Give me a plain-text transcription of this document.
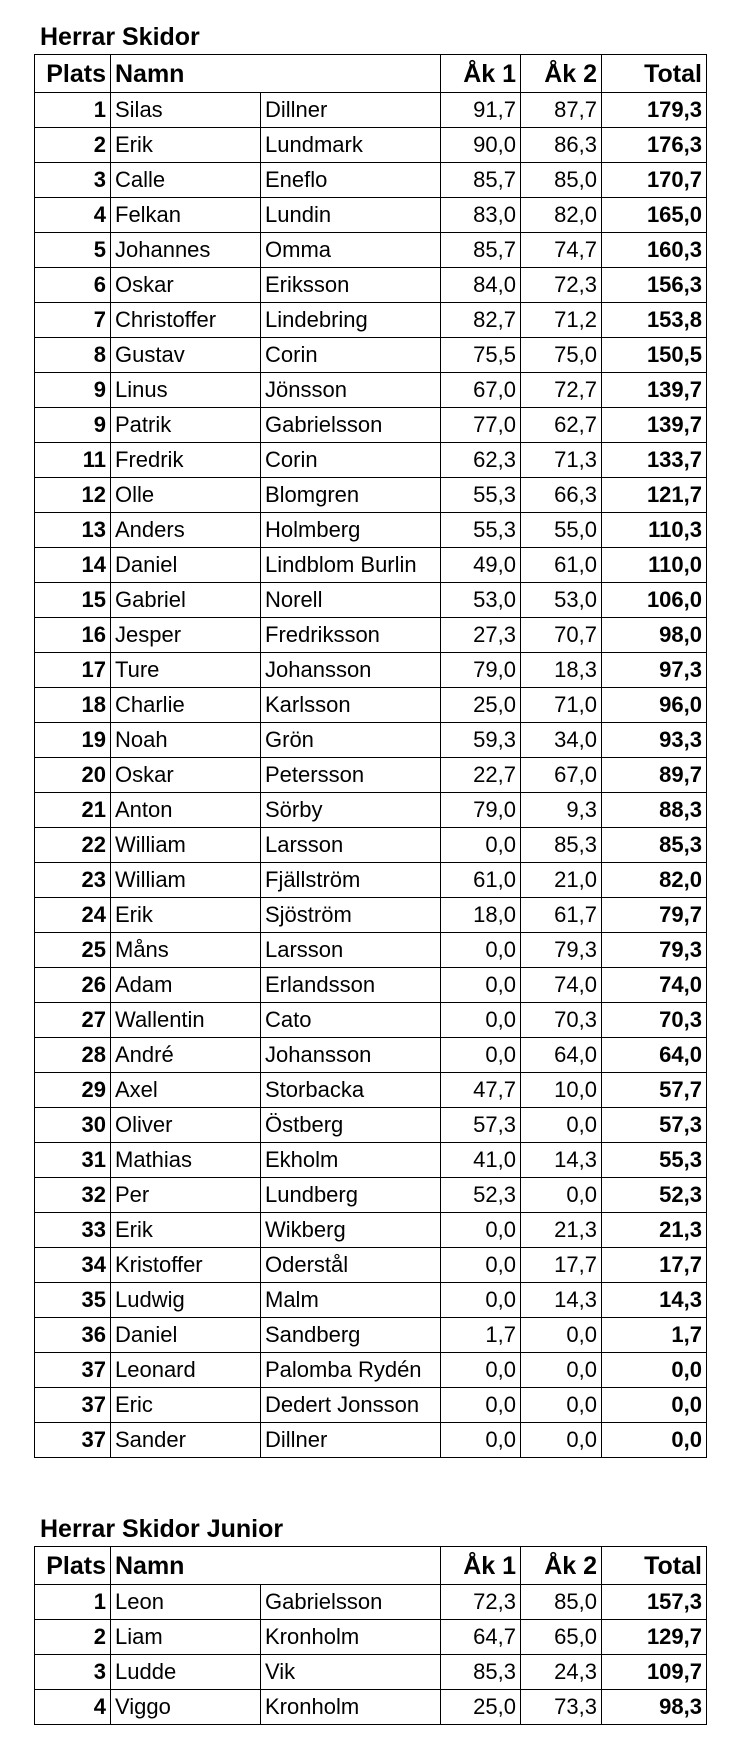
Herrar Skidor
Plats	Namn		Åk 1	Åk 2	Total
1	Silas	Dillner	91,7	87,7	179,3
2	Erik	Lundmark	90,0	86,3	176,3
3	Calle	Eneflo	85,7	85,0	170,7
4	Felkan	Lundin	83,0	82,0	165,0
5	Johannes	Omma	85,7	74,7	160,3
6	Oskar	Eriksson	84,0	72,3	156,3
7	Christoffer	Lindebring	82,7	71,2	153,8
8	Gustav	Corin	75,5	75,0	150,5
9	Linus	Jönsson	67,0	72,7	139,7
9	Patrik	Gabrielsson	77,0	62,7	139,7
11	Fredrik	Corin	62,3	71,3	133,7
12	Olle	Blomgren	55,3	66,3	121,7
13	Anders	Holmberg	55,3	55,0	110,3
14	Daniel	Lindblom Burlin	49,0	61,0	110,0
15	Gabriel	Norell	53,0	53,0	106,0
16	Jesper	Fredriksson	27,3	70,7	98,0
17	Ture	Johansson	79,0	18,3	97,3
18	Charlie	Karlsson	25,0	71,0	96,0
19	Noah	Grön	59,3	34,0	93,3
20	Oskar	Petersson	22,7	67,0	89,7
21	Anton	Sörby	79,0	9,3	88,3
22	William	Larsson	0,0	85,3	85,3
23	William	Fjällström	61,0	21,0	82,0
24	Erik	Sjöström	18,0	61,7	79,7
25	Måns	Larsson	0,0	79,3	79,3
26	Adam	Erlandsson	0,0	74,0	74,0
27	Wallentin	Cato	0,0	70,3	70,3
28	André	Johansson	0,0	64,0	64,0
29	Axel	Storbacka	47,7	10,0	57,7
30	Oliver	Östberg	57,3	0,0	57,3
31	Mathias	Ekholm	41,0	14,3	55,3
32	Per	Lundberg	52,3	0,0	52,3
33	Erik	Wikberg	0,0	21,3	21,3
34	Kristoffer	Oderstål	0,0	17,7	17,7
35	Ludwig	Malm	0,0	14,3	14,3
36	Daniel	Sandberg	1,7	0,0	1,7
37	Leonard	Palomba Rydén	0,0	0,0	0,0
37	Eric	Dedert Jonsson	0,0	0,0	0,0
37	Sander	Dillner	0,0	0,0	0,0
Herrar Skidor Junior
Plats	Namn		Åk 1	Åk 2	Total
1	Leon	Gabrielsson	72,3	85,0	157,3
2	Liam	Kronholm	64,7	65,0	129,7
3	Ludde	Vik	85,3	24,3	109,7
4	Viggo	Kronholm	25,0	73,3	98,3
